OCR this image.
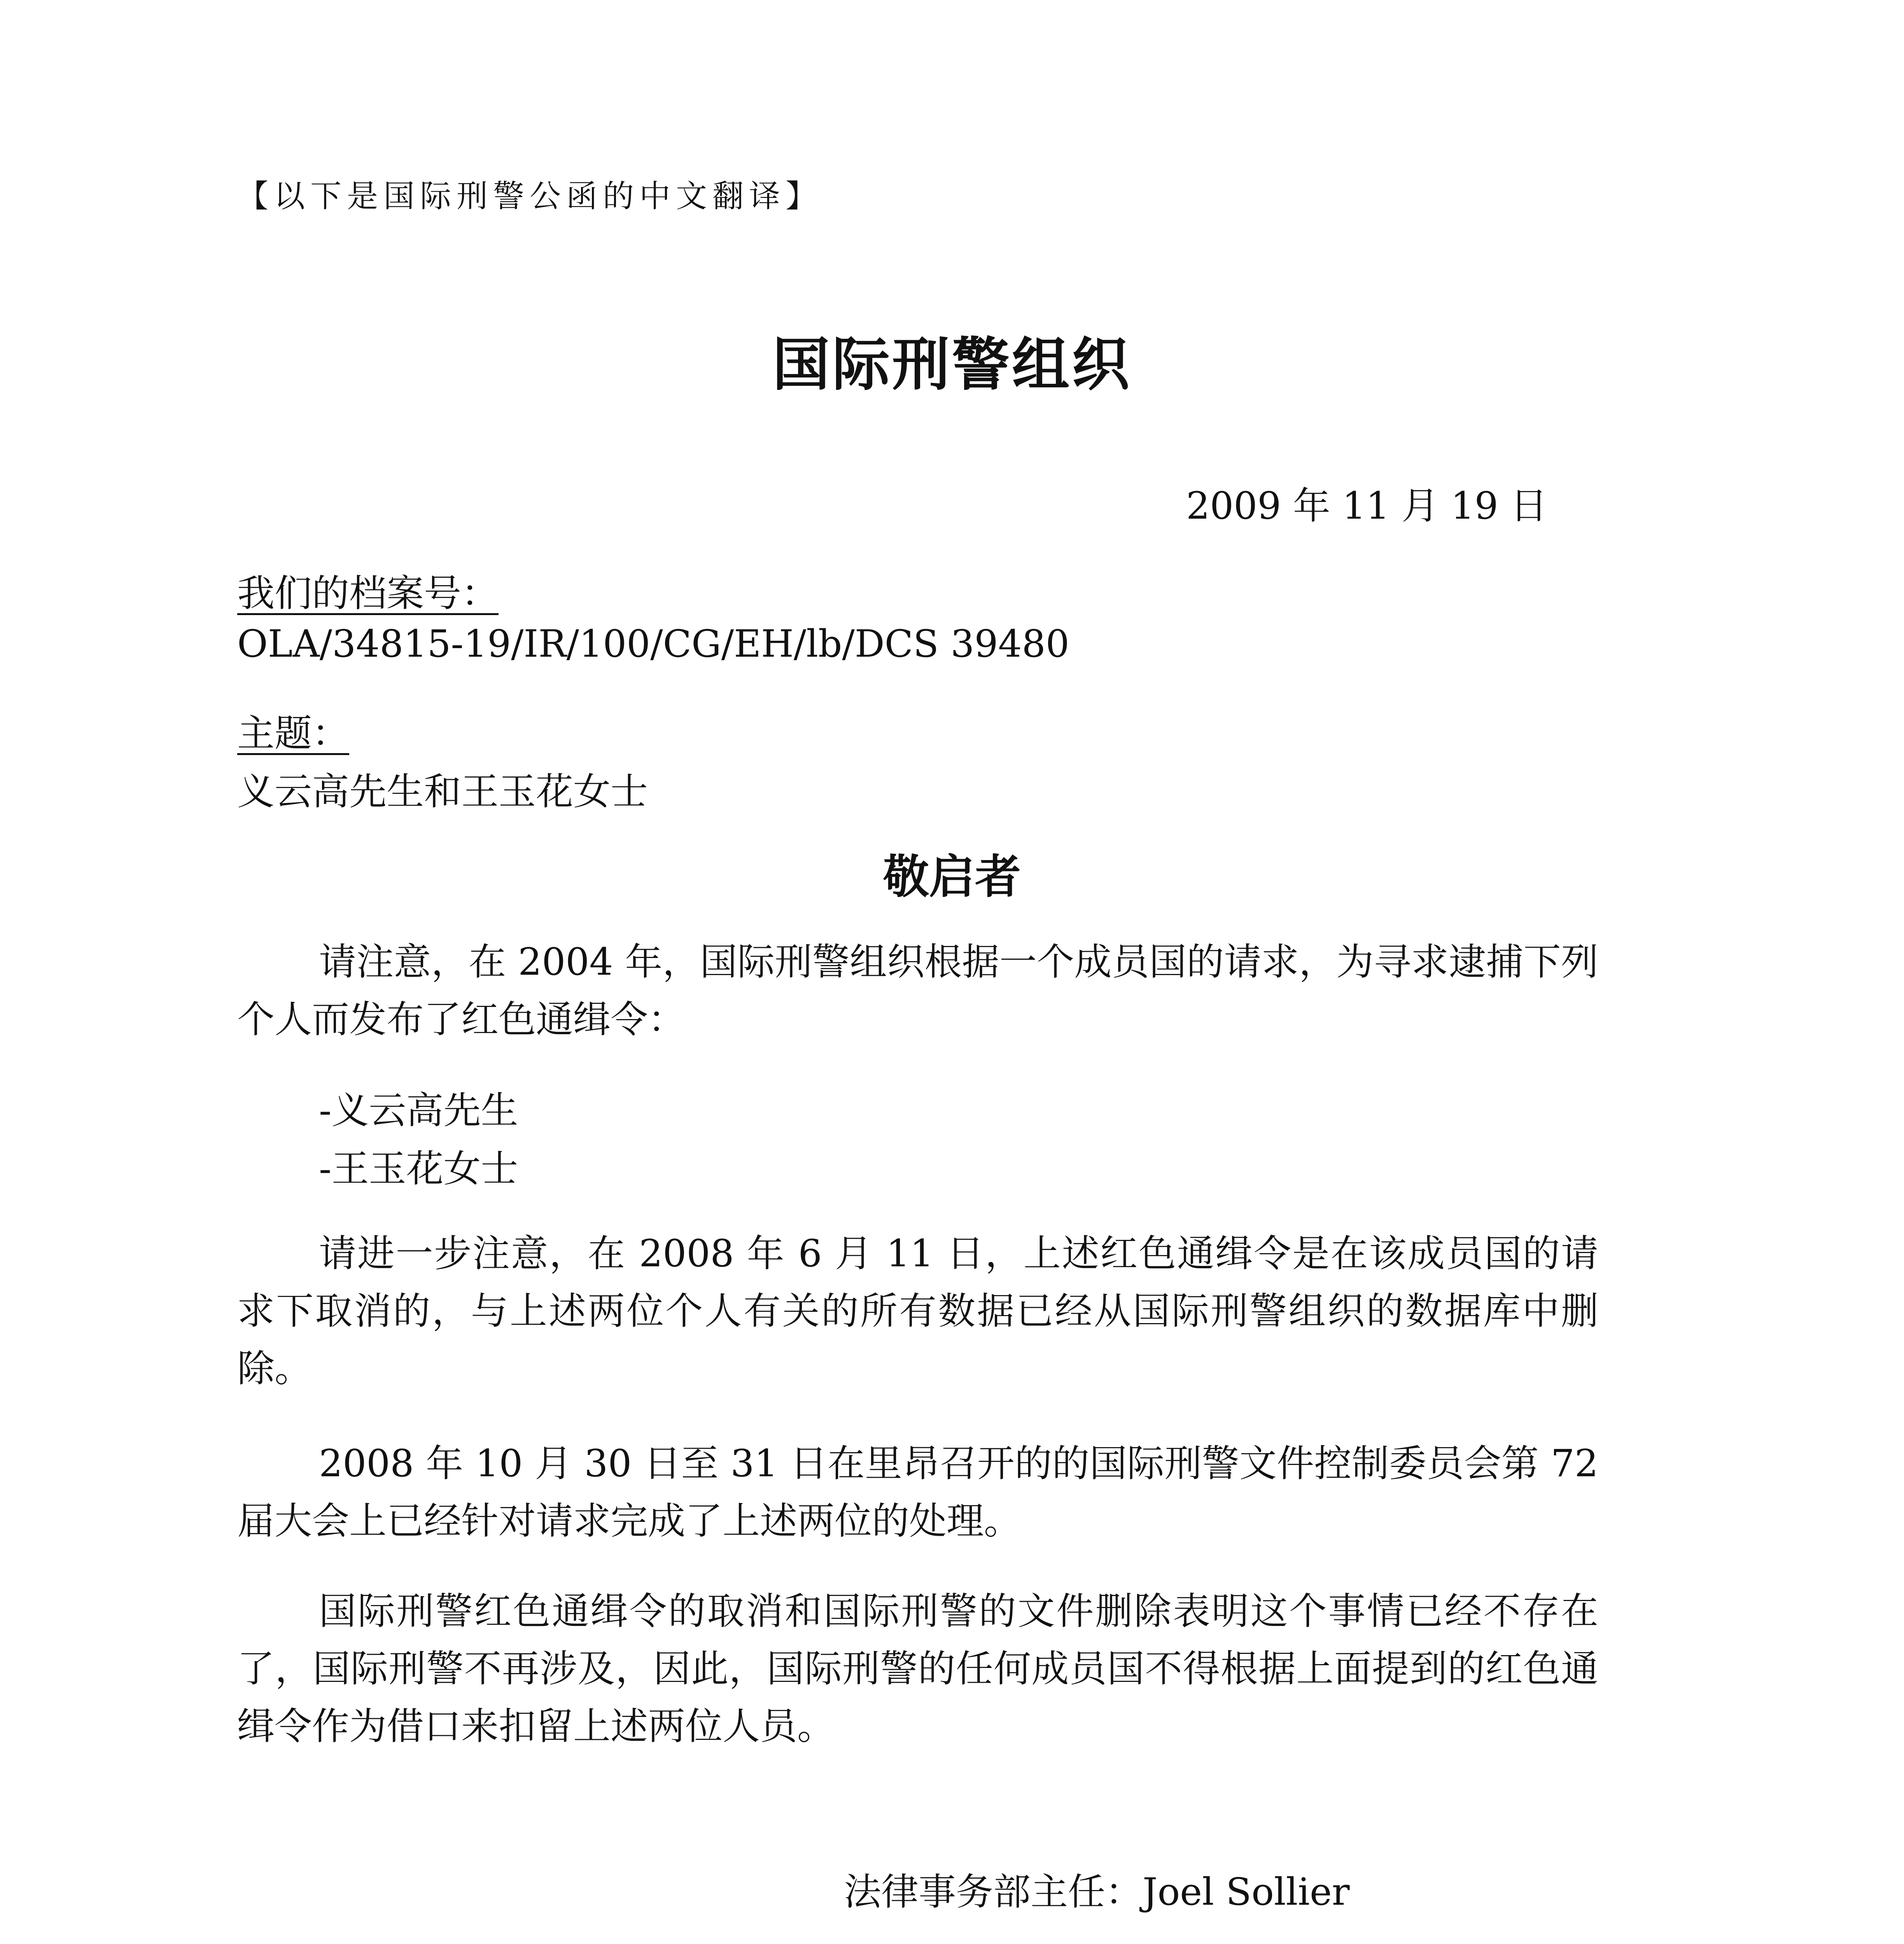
【以下是国际刑警公函的中文翻译】
国际刑警组织
2009 年 11 月 19 日
我们的档案号：
OLA/34815-19/IR/100/CG/EH/lb/DCS 39480
主题：
义云高先生和王玉花女士
敬启者

请注意，在 2004 年，国际刑警组织根据一个成员国的请求，为寻求逮捕下列个人而发布了红色通缉令：

-义云高先生
-王玉花女士

请进一步注意，在 2008 年 6 月 11 日，上述红色通缉令是在该成员国的请求下取消的，与上述两位个人有关的所有数据已经从国际刑警组织的数据库中删除。

2008 年 10 月 30 日至 31 日在里昂召开的的国际刑警文件控制委员会第 72 届大会上已经针对请求完成了上述两位的处理。

国际刑警红色通缉令的取消和国际刑警的文件删除表明这个事情已经不存在了，国际刑警不再涉及，因此，国际刑警的任何成员国不得根据上面提到的红色通缉令作为借口来扣留上述两位人员。

法律事务部主任：Joel Sollier
